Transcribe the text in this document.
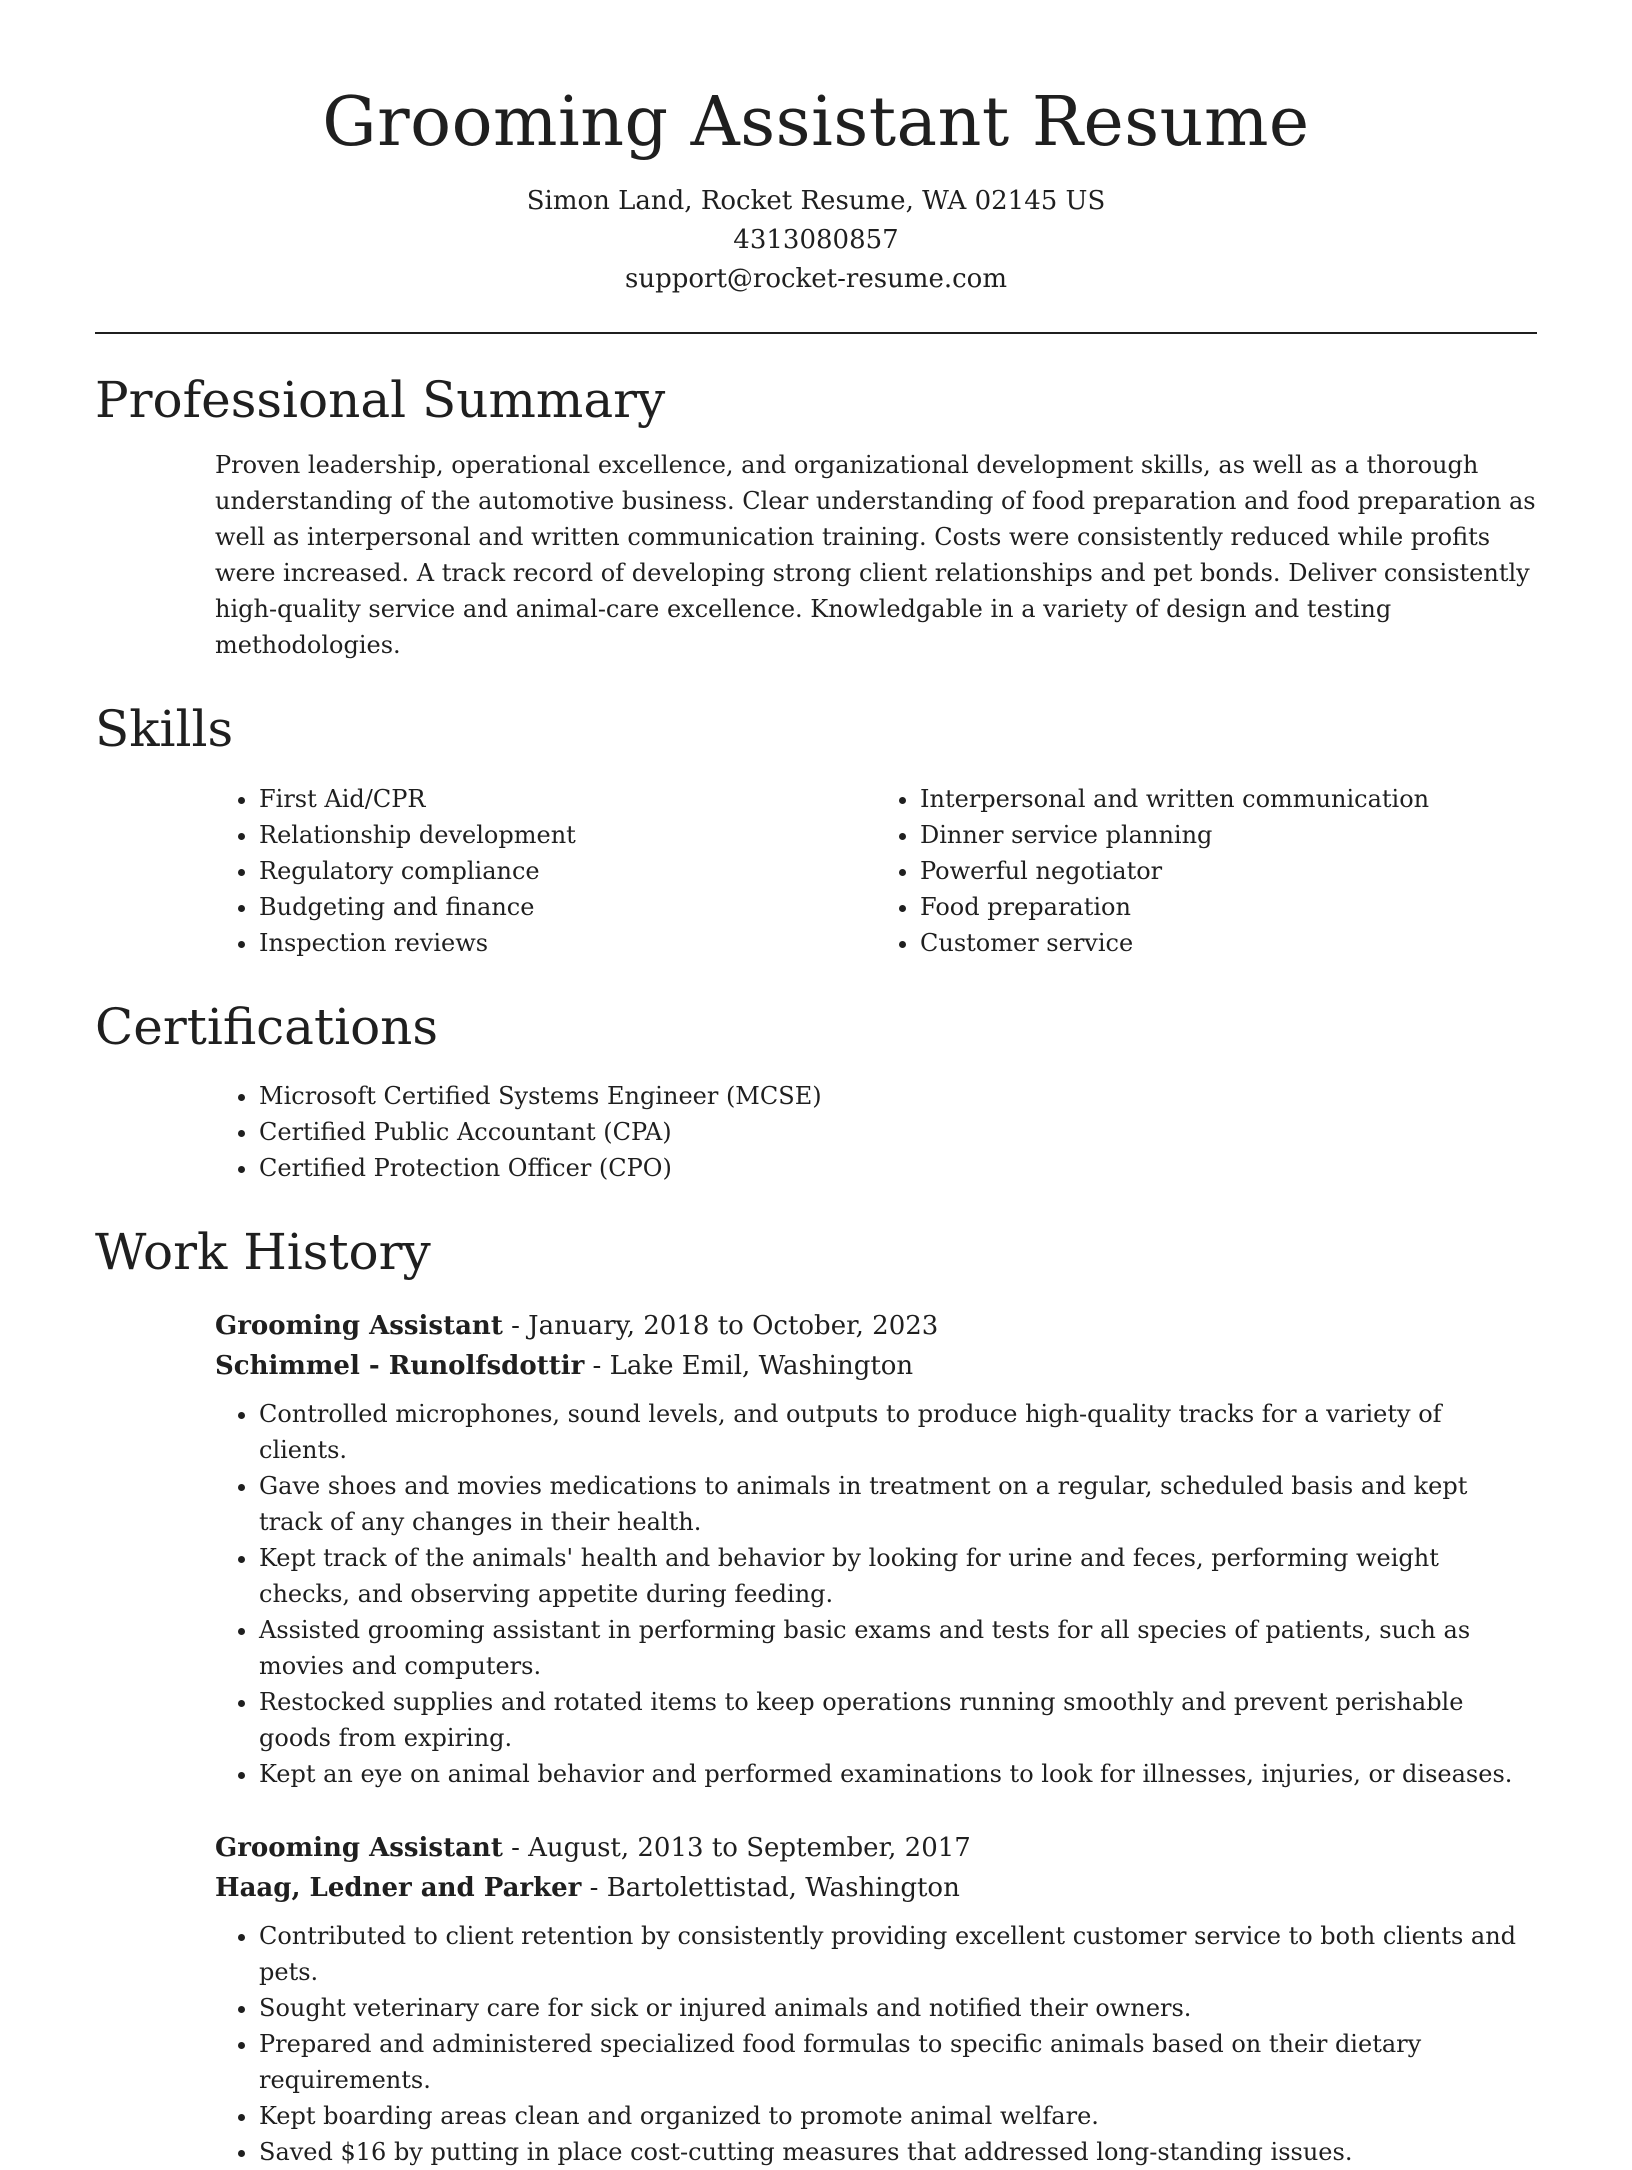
Grooming Assistant Resume
Simon Land, Rocket Resume, WA 02145 US
4313080857
support@rocket-resume.com
Professional Summary
Proven leadership, operational excellence, and organizational development skills, as well as a thorough understanding of the automotive business. Clear understanding of food preparation and food preparation as well as interpersonal and written communication training. Costs were consistently reduced while profits were increased. A track record of developing strong client relationships and pet bonds. Deliver consistently high-quality service and animal-care excellence. Knowledgable in a variety of design and testing methodologies.
Skills
• First Aid/CPR
• Relationship development
• Regulatory compliance
• Budgeting and finance
• Inspection reviews
• Interpersonal and written communication
• Dinner service planning
• Powerful negotiator
• Food preparation
• Customer service
Certifications
• Microsoft Certified Systems Engineer (MCSE)
• Certified Public Accountant (CPA)
• Certified Protection Officer (CPO)
Work History
Grooming Assistant - January, 2018 to October, 2023
Schimmel - Runolfsdottir - Lake Emil, Washington
• Controlled microphones, sound levels, and outputs to produce high-quality tracks for a variety of clients.
• Gave shoes and movies medications to animals in treatment on a regular, scheduled basis and kept track of any changes in their health.
• Kept track of the animals' health and behavior by looking for urine and feces, performing weight checks, and observing appetite during feeding.
• Assisted grooming assistant in performing basic exams and tests for all species of patients, such as movies and computers.
• Restocked supplies and rotated items to keep operations running smoothly and prevent perishable goods from expiring.
• Kept an eye on animal behavior and performed examinations to look for illnesses, injuries, or diseases.
Grooming Assistant - August, 2013 to September, 2017
Haag, Ledner and Parker - Bartolettistad, Washington
• Contributed to client retention by consistently providing excellent customer service to both clients and pets.
• Sought veterinary care for sick or injured animals and notified their owners.
• Prepared and administered specialized food formulas to specific animals based on their dietary requirements.
• Kept boarding areas clean and organized to promote animal welfare.
• Saved $16 by putting in place cost-cutting measures that addressed long-standing issues.
